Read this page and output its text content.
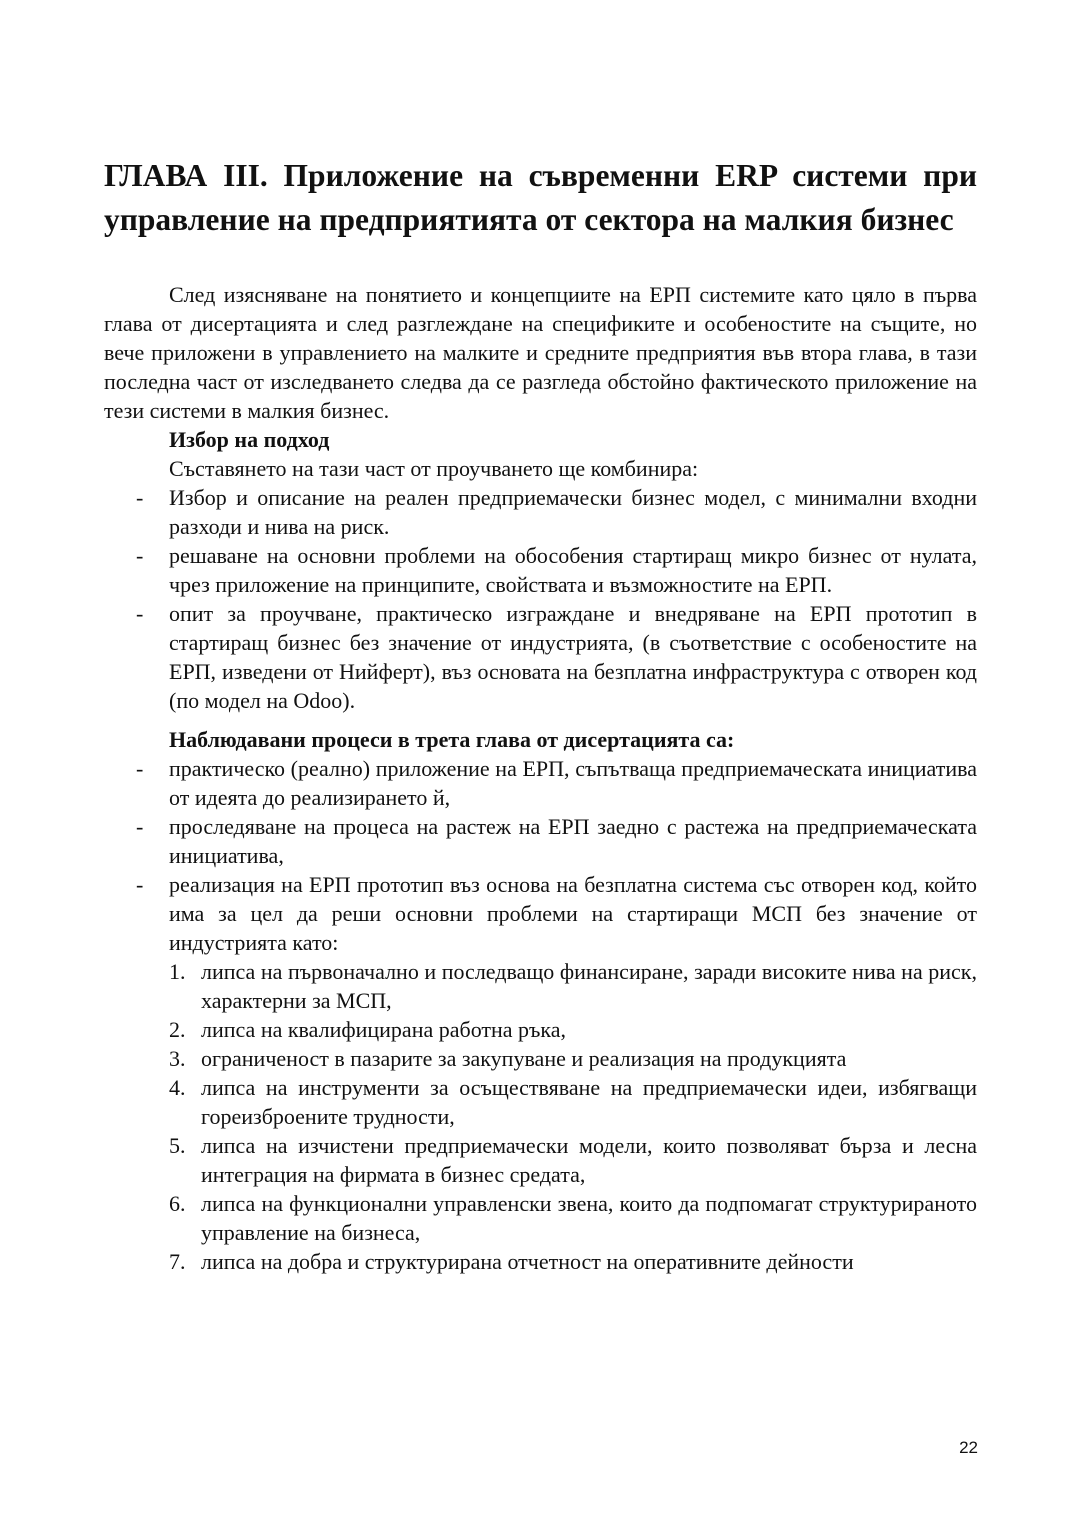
ГЛАВА III. Приложение на съвременни ERP системи при управление на предприятията от сектора на малкия бизнес

След изясняване на понятието и концепциите на ЕРП системите като цяло в първа глава от дисертацията и след разглеждане на спецификите и особеностите на същите, но вече приложени в управлението на малките и средните предприятия във втора глава, в тази последна част от изследването следва да се разгледа обстойно фактическото приложение на тези системи в малкия бизнес.

Избор на подход
Съставянето на тази част от проучването ще комбинира:
- Избор и описание на реален предприемачески бизнес модел, с минимални входни разходи и нива на риск.
- решаване на основни проблеми на обособения стартиращ микро бизнес от нулата, чрез приложение на принципите, свойствата и възможностите на ЕРП.
- опит за проучване, практическо изграждане и внедряване на ЕРП прототип в стартиращ бизнес без значение от индустрията, (в съответствие с особеностите на ЕРП, изведени от Нийферт), въз основата на безплатна инфраструктура с отворен код (по модел на Odoo).
Наблюдавани процеси в трета глава от дисертацията са:
- практическо (реално) приложение на ЕРП, съпътваща предприемаческата инициатива от идеята до реализирането й,
- проследяване на процеса на растеж на ЕРП заедно с растежа на предприемаческата инициатива,
- реализация на ЕРП прототип въз основа на безплатна система със отворен код, който има за цел да реши основни проблеми на стартиращи МСП без значение от индустрията като:
1. липса на първоначално и последващо финансиране, заради високите нива на риск, характерни за МСП,
2. липса на квалифицирана работна ръка,
3. ограниченост в пазарите за закупуване и реализация на продукцията
4. липса на инструменти за осъществяване на предприемачески идеи, избягващи гореизброените трудности,
5. липса на изчистени предприемачески модели, които позволяват бърза и лесна интеграция на фирмата в бизнес средата,
6. липса на функционални управленски звена, които да подпомагат структурираното управление на бизнеса,
7. липса на добра и структурирана отчетност на оперативните дейности
22
